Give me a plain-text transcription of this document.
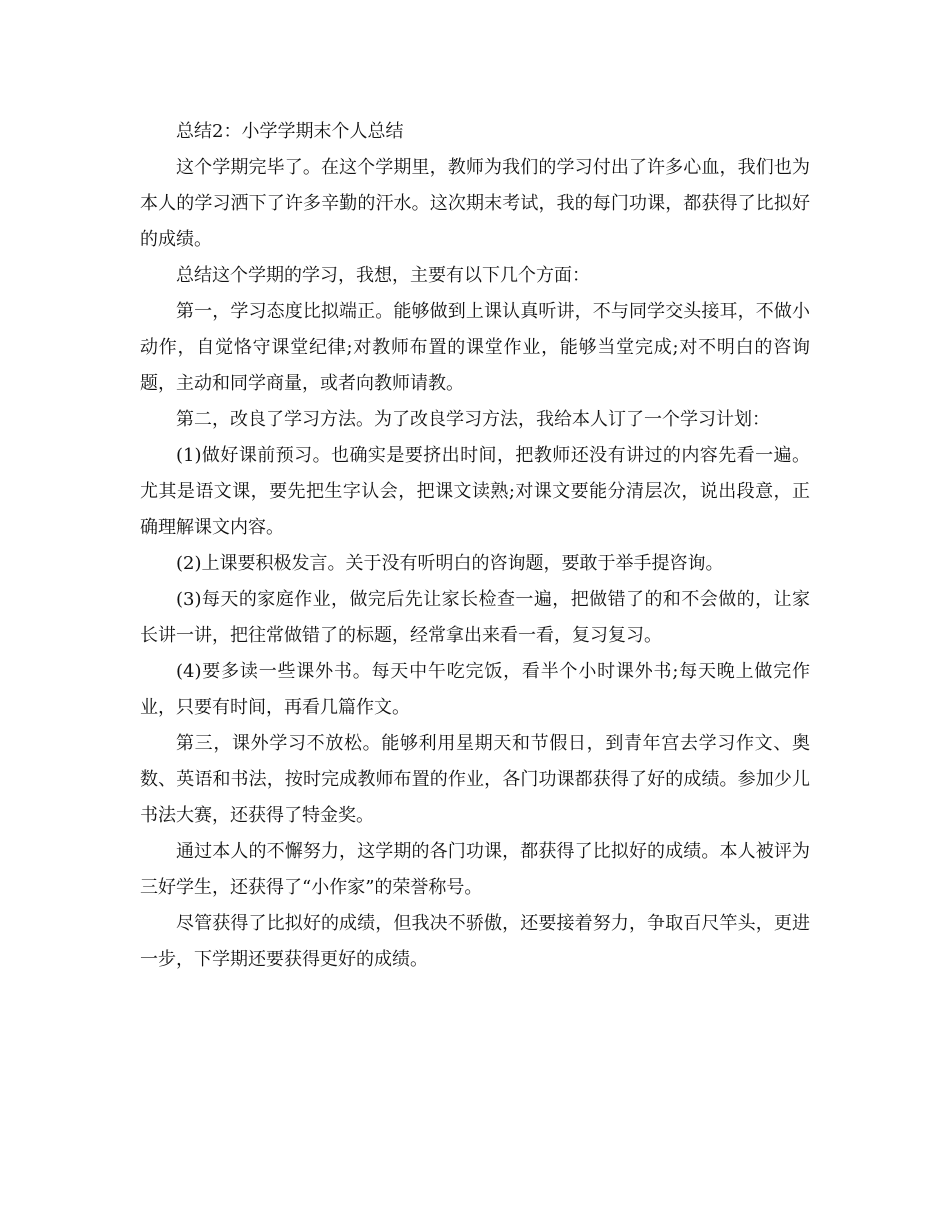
总结2：小学学期末个人总结

这个学期完毕了。在这个学期里，教师为我们的学习付出了许多心血，我们也为本人的学习洒下了许多辛勤的汗水。这次期末考试，我的每门功课，都获得了比拟好的成绩。

总结这个学期的学习，我想，主要有以下几个方面：

第一，学习态度比拟端正。能够做到上课认真听讲，不与同学交头接耳，不做小动作，自觉恪守课堂纪律;对教师布置的课堂作业，能够当堂完成;对不明白的咨询题，主动和同学商量，或者向教师请教。

第二，改良了学习方法。为了改良学习方法，我给本人订了一个学习计划：

(1)做好课前预习。也确实是要挤出时间，把教师还没有讲过的内容先看一遍。尤其是语文课，要先把生字认会，把课文读熟;对课文要能分清层次，说出段意，正确理解课文内容。

(2)上课要积极发言。关于没有听明白的咨询题，要敢于举手提咨询。

(3)每天的家庭作业，做完后先让家长检查一遍，把做错了的和不会做的，让家长讲一讲，把往常做错了的标题，经常拿出来看一看，复习复习。

(4)要多读一些课外书。每天中午吃完饭，看半个小时课外书;每天晚上做完作业，只要有时间，再看几篇作文。

第三，课外学习不放松。能够利用星期天和节假日，到青年宫去学习作文、奥数、英语和书法，按时完成教师布置的作业，各门功课都获得了好的成绩。参加少儿书法大赛，还获得了特金奖。

通过本人的不懈努力，这学期的各门功课，都获得了比拟好的成绩。本人被评为三好学生，还获得了“小作家”的荣誉称号。

尽管获得了比拟好的成绩，但我决不骄傲，还要接着努力，争取百尺竿头，更进一步，下学期还要获得更好的成绩。
